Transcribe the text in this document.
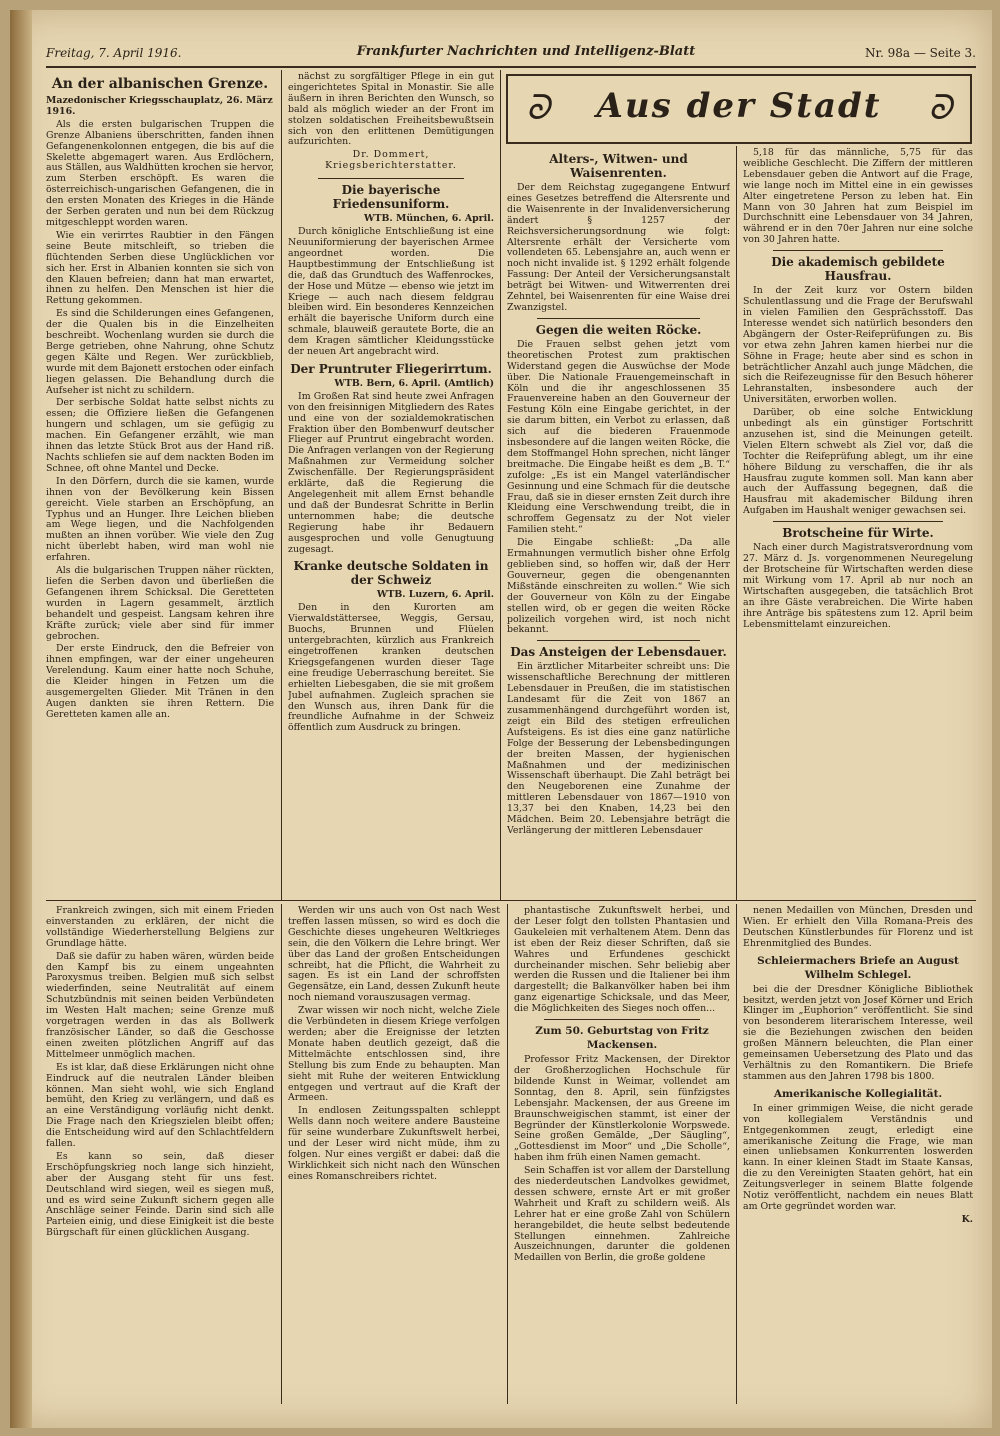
Freitag, 7. April 1916.	Frankfurter Nachrichten und Intelligenz-Blatt	Nr. 98a — Seite 3.
An der albanischen Grenze.
Mazedonischer Kriegsschauplatz, 26. März 1916.

Als die ersten bulgarischen Truppen die Grenze Albaniens überschritten, fanden ihnen Gefangenenkolonnen entgegen, die bis auf die Skelette abgemagert waren. Aus Erdlöchern, aus Ställen, aus Waldhütten krochen sie hervor, zum Sterben erschöpft. Es waren die österreichisch-ungarischen Gefangenen, die in den ersten Monaten des Krieges in die Hände der Serben geraten und nun bei dem Rückzug mitgeschleppt worden waren.

Wie ein verirrtes Raubtier in den Fängen seine Beute mitschleift, so trieben die flüchtenden Serben diese Unglücklichen vor sich her. Erst in Albanien konnten sie sich von den Klauen befreien; dann hat man erwartet, ihnen zu helfen. Den Menschen ist hier die Rettung gekommen.

Es sind die Schilderungen eines Gefangenen, der die Qualen bis in die Einzelheiten beschreibt. Wochenlang wurden sie durch die Berge getrieben, ohne Nahrung, ohne Schutz gegen Kälte und Regen. Wer zurückblieb, wurde mit dem Bajonett erstochen oder einfach liegen gelassen. Die Behandlung durch die Aufseher ist nicht zu schildern.

Der serbische Soldat hatte selbst nichts zu essen; die Offiziere ließen die Gefangenen hungern und schlagen, um sie gefügig zu machen. Ein Gefangener erzählt, wie man ihnen das letzte Stück Brot aus der Hand riß. Nachts schliefen sie auf dem nackten Boden im Schnee, oft ohne Mantel und Decke.

In den Dörfern, durch die sie kamen, wurde ihnen von der Bevölkerung kein Bissen gereicht. Viele starben an Erschöpfung, an Typhus und an Hunger. Ihre Leichen blieben am Wege liegen, und die Nachfolgenden mußten an ihnen vorüber. Wie viele den Zug nicht überlebt haben, wird man wohl nie erfahren.

Als die bulgarischen Truppen näher rückten, liefen die Serben davon und überließen die Gefangenen ihrem Schicksal. Die Geretteten wurden in Lagern gesammelt, ärztlich behandelt und gespeist. Langsam kehren ihre Kräfte zurück; viele aber sind für immer gebrochen.

Der erste Eindruck, den die Befreier von ihnen empfingen, war der einer ungeheuren Verelendung. Kaum einer hatte noch Schuhe, die Kleider hingen in Fetzen um die ausgemergelten Glieder. Mit Tränen in den Augen dankten sie ihren Rettern. Die Geretteten kamen alle an.

nächst zu sorgfältiger Pflege in ein gut eingerichtetes Spital in Monastir. Sie alle äußern in ihren Berichten den Wunsch, so bald als möglich wieder an der Front im stolzen soldatischen Freiheitsbewußtsein sich von den erlittenen Demütigungen aufzurichten.

Dr. Dommert, Kriegsberichterstatter.
Die bayerische Friedensuniform.
WTB. München, 6. April.

Durch königliche Entschließung ist eine Neuuniformierung der bayerischen Armee angeordnet worden. Die Hauptbestimmung der Entschließung ist die, daß das Grundtuch des Waffenrockes, der Hose und Mütze — ebenso wie jetzt im Kriege — auch nach diesem feldgrau bleiben wird. Ein besonderes Kennzeichen erhält die bayerische Uniform durch eine schmale, blauweiß gerautete Borte, die an dem Kragen sämtlicher Kleidungsstücke der neuen Art angebracht wird.

Der Pruntruter Fliegerirrtum.
WTB. Bern, 6. April. (Amtlich)

Im Großen Rat sind heute zwei Anfragen von den freisinnigen Mitgliedern des Rates und eine von der sozialdemokratischen Fraktion über den Bombenwurf deutscher Flieger auf Pruntrut eingebracht worden. Die Anfragen verlangen von der Regierung Maßnahmen zur Vermeidung solcher Zwischenfälle. Der Regierungspräsident erklärte, daß die Regierung die Angelegenheit mit allem Ernst behandle und daß der Bundesrat Schritte in Berlin unternommen habe; die deutsche Regierung habe ihr Bedauern ausgesprochen und volle Genugtuung zugesagt.

Kranke deutsche Soldaten in der Schweiz
WTB. Luzern, 6. April.

Den in den Kurorten am Vierwaldstättersee, Weggis, Gersau, Buochs, Brunnen und Flüelen untergebrachten, kürzlich aus Frankreich eingetroffenen kranken deutschen Kriegsgefangenen wurden dieser Tage eine freudige Ueberraschung bereitet. Sie erhielten Liebesgaben, die sie mit großem Jubel aufnahmen. Zugleich sprachen sie den Wunsch aus, ihren Dank für die freundliche Aufnahme in der Schweiz öffentlich zum Ausdruck zu bringen.

ᘐ	Aus der Stadt	ᘐ
Alters-, Witwen- und Waisenrenten.

Der dem Reichstag zugegangene Entwurf eines Gesetzes betreffend die Altersrente und die Waisenrente in der Invalidenversicherung ändert § 1257 der Reichsversicherungsordnung wie folgt: Altersrente erhält der Versicherte vom vollendeten 65. Lebensjahre an, auch wenn er noch nicht invalide ist. § 1292 erhält folgende Fassung: Der Anteil der Versicherungsanstalt beträgt bei Witwen- und Witwerrenten drei Zehntel, bei Waisenrenten für eine Waise drei Zwanzigstel.

Gegen die weiten Röcke.

Die Frauen selbst gehen jetzt vom theoretischen Protest zum praktischen Widerstand gegen die Auswüchse der Mode über. Die Nationale Frauengemeinschaft in Köln und die ihr angeschlossenen 35 Frauenvereine haben an den Gouverneur der Festung Köln eine Eingabe gerichtet, in der sie darum bitten, ein Verbot zu erlassen, daß sich auf die biederen Frauenmode insbesondere auf die langen weiten Röcke, die dem Stoffmangel Hohn sprechen, nicht länger breitmache. Die Eingabe heißt es dem „B. T.“ zufolge: „Es ist ein Mangel vaterländischer Gesinnung und eine Schmach für die deutsche Frau, daß sie in dieser ernsten Zeit durch ihre Kleidung eine Verschwendung treibt, die in schroffem Gegensatz zu der Not vieler Familien steht.“

Die Eingabe schließt: „Da alle Ermahnungen vermutlich bisher ohne Erfolg geblieben sind, so hoffen wir, daß der Herr Gouverneur, gegen die obengenannten Mißstände einschreiten zu wollen.“ Wie sich der Gouverneur von Köln zu der Eingabe stellen wird, ob er gegen die weiten Röcke polizeilich vorgehen wird, ist noch nicht bekannt.

Das Ansteigen der Lebensdauer.

Ein ärztlicher Mitarbeiter schreibt uns: Die wissenschaftliche Berechnung der mittleren Lebensdauer in Preußen, die im statistischen Landesamt für die Zeit von 1867 an zusammenhängend durchgeführt worden ist, zeigt ein Bild des stetigen erfreulichen Aufsteigens. Es ist dies eine ganz natürliche Folge der Besserung der Lebensbedingungen der breiten Massen, der hygienischen Maßnahmen und der medizinischen Wissenschaft überhaupt. Die Zahl beträgt bei den Neugeborenen eine Zunahme der mittleren Lebensdauer von 1867—1910 von 13,37 bei den Knaben, 14,23 bei den Mädchen. Beim 20. Lebensjahre beträgt die Verlängerung der mittleren Lebensdauer

5,18 für das männliche, 5,75 für das weibliche Geschlecht. Die Ziffern der mittleren Lebensdauer geben die Antwort auf die Frage, wie lange noch im Mittel eine in ein gewisses Alter eingetretene Person zu leben hat. Ein Mann von 30 Jahren hat zum Beispiel im Durchschnitt eine Lebensdauer von 34 Jahren, während er in den 70er Jahren nur eine solche von 30 Jahren hatte.

Die akademisch gebildete Hausfrau.

In der Zeit kurz vor Ostern bilden Schulentlassung und die Frage der Berufswahl in vielen Familien den Gesprächsstoff. Das Interesse wendet sich natürlich besonders den Abgängern der Oster-Reifeprüfungen zu. Bis vor etwa zehn Jahren kamen hierbei nur die Söhne in Frage; heute aber sind es schon in beträchtlicher Anzahl auch junge Mädchen, die sich die Reifezeugnisse für den Besuch höherer Lehranstalten, insbesondere auch der Universitäten, erworben wollen.

Darüber, ob eine solche Entwicklung unbedingt als ein günstiger Fortschritt anzusehen ist, sind die Meinungen geteilt. Vielen Eltern schwebt als Ziel vor, daß die Tochter die Reifeprüfung ablegt, um ihr eine höhere Bildung zu verschaffen, die ihr als Hausfrau zugute kommen soll. Man kann aber auch der Auffassung begegnen, daß die Hausfrau mit akademischer Bildung ihren Aufgaben im Haushalt weniger gewachsen sei.

Brotscheine für Wirte.

Nach einer durch Magistratsverordnung vom 27. März d. Js. vorgenommenen Neuregelung der Brotscheine für Wirtschaften werden diese mit Wirkung vom 17. April ab nur noch an Wirtschaften ausgegeben, die tatsächlich Brot an ihre Gäste verabreichen. Die Wirte haben ihre Anträge bis spätestens zum 12. April beim Lebensmittelamt einzureichen.

Frankreich zwingen, sich mit einem Frieden einverstanden zu erklären, der nicht die vollständige Wiederherstellung Belgiens zur Grundlage hätte.

Daß sie dafür zu haben wären, würden beide den Kampf bis zu einem ungeahnten Paroxysmus treiben. Belgien muß sich selbst wiederfinden, seine Neutralität auf einem Schutzbündnis mit seinen beiden Verbündeten im Westen Halt machen; seine Grenze muß vorgetragen werden in das als Bollwerk französischer Länder, so daß die Geschosse einen zweiten plötzlichen Angriff auf das Mittelmeer unmöglich machen.

Es ist klar, daß diese Erklärungen nicht ohne Eindruck auf die neutralen Länder bleiben können. Man sieht wohl, wie sich England bemüht, den Krieg zu verlängern, und daß es an eine Verständigung vorläufig nicht denkt. Die Frage nach den Kriegszielen bleibt offen; die Entscheidung wird auf den Schlachtfeldern fallen.

Es kann so sein, daß dieser Erschöpfungskrieg noch lange sich hinzieht, aber der Ausgang steht für uns fest. Deutschland wird siegen, weil es siegen muß, und es wird seine Zukunft sichern gegen alle Anschläge seiner Feinde. Darin sind sich alle Parteien einig, und diese Einigkeit ist die beste Bürgschaft für einen glücklichen Ausgang.

Werden wir uns auch von Ost nach West treffen lassen müssen, so wird es doch die Geschichte dieses ungeheuren Weltkrieges sein, die den Völkern die Lehre bringt. Wer über das Land der großen Entscheidungen schreibt, hat die Pflicht, die Wahrheit zu sagen. Es ist ein Land der schroffsten Gegensätze, ein Land, dessen Zukunft heute noch niemand vorauszusagen vermag.

Zwar wissen wir noch nicht, welche Ziele die Verbündeten in diesem Kriege verfolgen werden; aber die Ereignisse der letzten Monate haben deutlich gezeigt, daß die Mittelmächte entschlossen sind, ihre Stellung bis zum Ende zu behaupten. Man sieht mit Ruhe der weiteren Entwicklung entgegen und vertraut auf die Kraft der Armeen.

In endlosen Zeitungsspalten schleppt Wells dann noch weitere andere Bausteine für seine wunderbare Zukunftswelt herbei, und der Leser wird nicht müde, ihm zu folgen. Nur eines vergißt er dabei: daß die Wirklichkeit sich nicht nach den Wünschen eines Romanschreibers richtet.

phantastische Zukunftswelt herbei, und der Leser folgt den tollsten Phantasien und Gaukeleien mit verhaltenem Atem. Denn das ist eben der Reiz dieser Schriften, daß sie Wahres und Erfundenes geschickt durcheinander mischen. Sehr beliebig aber werden die Russen und die Italiener bei ihm dargestellt; die Balkanvölker haben bei ihm ganz eigenartige Schicksale, und das Meer, die Möglichkeiten des Sieges noch offen...

Zum 50. Geburtstag von Fritz Mackensen.

Professor Fritz Mackensen, der Direktor der Großherzoglichen Hochschule für bildende Kunst in Weimar, vollendet am Sonntag, den 8. April, sein fünfzigstes Lebensjahr. Mackensen, der aus Greene im Braunschweigischen stammt, ist einer der Begründer der Künstlerkolonie Worpswede. Seine großen Gemälde, „Der Säugling“, „Gottesdienst im Moor“ und „Die Scholle“, haben ihm früh einen Namen gemacht.

Sein Schaffen ist vor allem der Darstellung des niederdeutschen Landvolkes gewidmet, dessen schwere, ernste Art er mit großer Wahrheit und Kraft zu schildern weiß. Als Lehrer hat er eine große Zahl von Schülern herangebildet, die heute selbst bedeutende Stellungen einnehmen. Zahlreiche Auszeichnungen, darunter die goldenen Medaillen von Berlin, die große goldene

nenen Medaillen von München, Dresden und Wien. Er erhielt den Villa Romana-Preis des Deutschen Künstlerbundes für Florenz und ist Ehrenmitglied des Bundes.

Schleiermachers Briefe an August Wilhelm Schlegel.

bei die der Dresdner Königliche Bibliothek besitzt, werden jetzt von Josef Körner und Erich Klinger im „Euphorion“ veröffentlicht. Sie sind von besonderem literarischem Interesse, weil sie die Beziehungen zwischen den beiden großen Männern beleuchten, die Plan einer gemeinsamen Uebersetzung des Plato und das Verhältnis zu den Romantikern. Die Briefe stammen aus den Jahren 1798 bis 1800.

Amerikanische Kollegialität.

In einer grimmigen Weise, die nicht gerade von kollegialem Verständnis und Entgegenkommen zeugt, erledigt eine amerikanische Zeitung die Frage, wie man einen unliebsamen Konkurrenten loswerden kann. In einer kleinen Stadt im Staate Kansas, die zu den Vereinigten Staaten gehört, hat ein Zeitungsverleger in seinem Blatte folgende Notiz veröffentlicht, nachdem ein neues Blatt am Orte gegründet worden war.

K.
